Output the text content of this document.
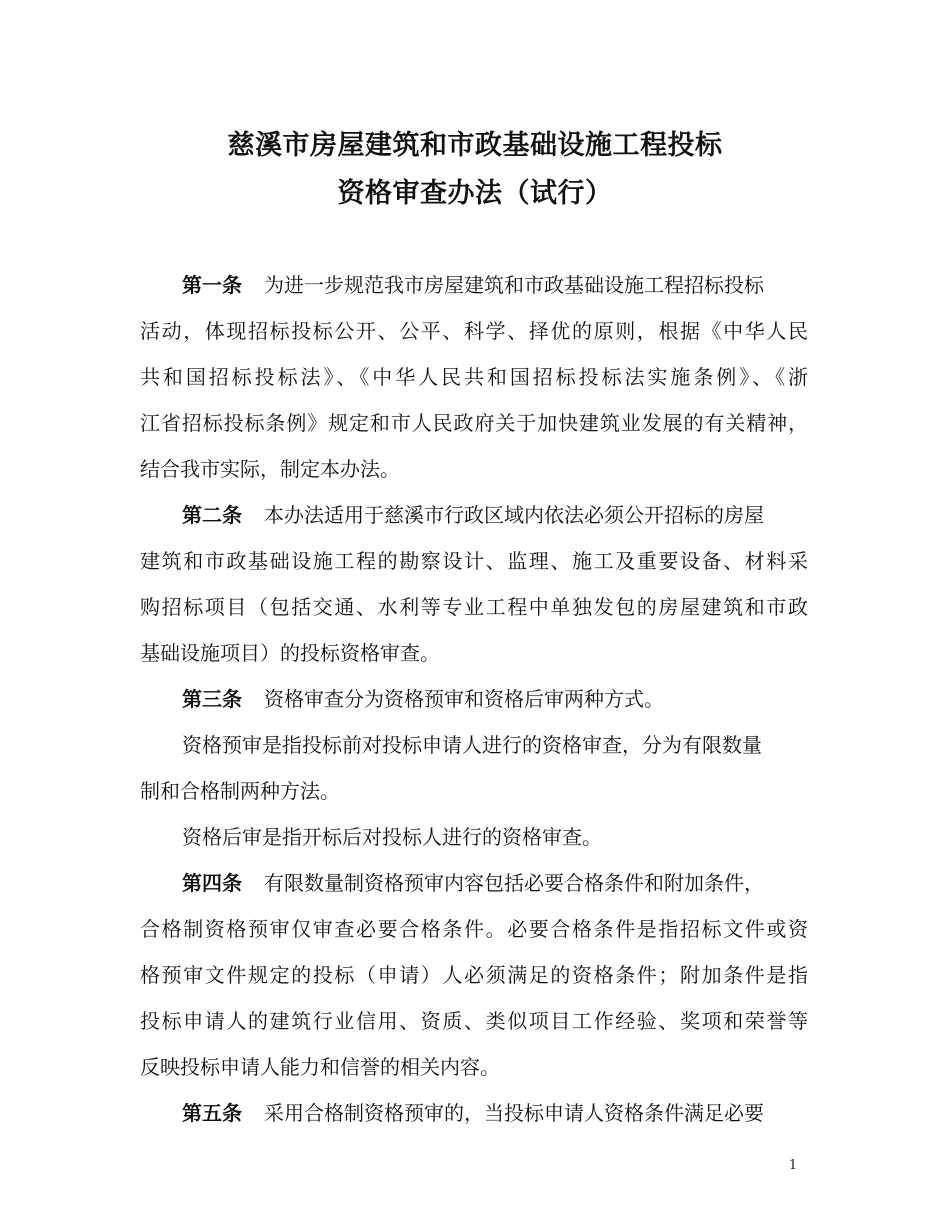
慈溪市房屋建筑和市政基础设施工程投标
资格审查办法（试行）
第一条 为进一步规范我市房屋建筑和市政基础设施工程招标投标
活动，体现招标投标公开、公平、科学、择优的原则，根据《中华人民
共和国招标投标法》、《中华人民共和国招标投标法实施条例》、《浙
江省招标投标条例》规定和市人民政府关于加快建筑业发展的有关精神，
结合我市实际，制定本办法。
第二条 本办法适用于慈溪市行政区域内依法必须公开招标的房屋
建筑和市政基础设施工程的勘察设计、监理、施工及重要设备、材料采
购招标项目（包括交通、水利等专业工程中单独发包的房屋建筑和市政
基础设施项目）的投标资格审查。
第三条 资格审查分为资格预审和资格后审两种方式。
资格预审是指投标前对投标申请人进行的资格审查，分为有限数量
制和合格制两种方法。
资格后审是指开标后对投标人进行的资格审查。
第四条 有限数量制资格预审内容包括必要合格条件和附加条件，
合格制资格预审仅审查必要合格条件。必要合格条件是指招标文件或资
格预审文件规定的投标（申请）人必须满足的资格条件；附加条件是指
投标申请人的建筑行业信用、资质、类似项目工作经验、奖项和荣誉等
反映投标申请人能力和信誉的相关内容。
第五条 采用合格制资格预审的，当投标申请人资格条件满足必要
1
